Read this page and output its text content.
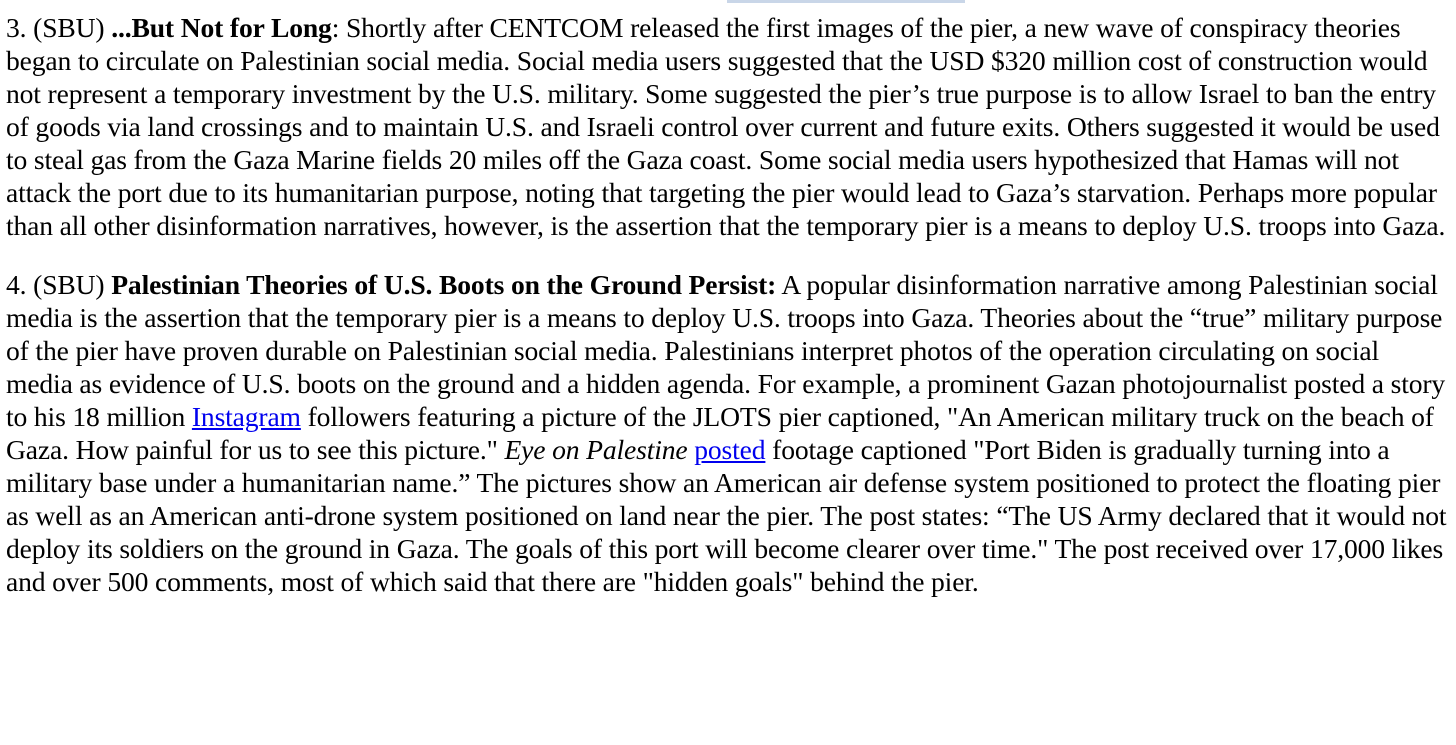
3. (SBU) ...But Not for Long: Shortly after CENTCOM released the first images of the pier, a new wave of conspiracy theories began to circulate on Palestinian social media. Social media users suggested that the USD $320 million cost of construction would not represent a temporary investment by the U.S. military. Some suggested the pier’s true purpose is to allow Israel to ban the entry of goods via land crossings and to maintain U.S. and Israeli control over current and future exits. Others suggested it would be used to steal gas from the Gaza Marine fields 20 miles off the Gaza coast. Some social media users hypothesized that Hamas will not attack the port due to its humanitarian purpose, noting that targeting the pier would lead to Gaza’s starvation. Perhaps more popular than all other disinformation narratives, however, is the assertion that the temporary pier is a means to deploy U.S. troops into Gaza.

4. (SBU) Palestinian Theories of U.S. Boots on the Ground Persist: A popular disinformation narrative among Palestinian social media is the assertion that the temporary pier is a means to deploy U.S. troops into Gaza. Theories about the “true” military purpose of the pier have proven durable on Palestinian social media. Palestinians interpret photos of the operation circulating on social media as evidence of U.S. boots on the ground and a hidden agenda. For example, a prominent Gazan photojournalist posted a story to his 18 million Instagram followers featuring a picture of the JLOTS pier captioned, "An American military truck on the beach of Gaza. How painful for us to see this picture." Eye on Palestine posted footage captioned "Port Biden is gradually turning into a military base under a humanitarian name.” The pictures show an American air defense system positioned to protect the floating pier as well as an American anti-drone system positioned on land near the pier. The post states: “The US Army declared that it would not deploy its soldiers on the ground in Gaza. The goals of this port will become clearer over time." The post received over 17,000 likes and over 500 comments, most of which said that there are "hidden goals" behind the pier.
